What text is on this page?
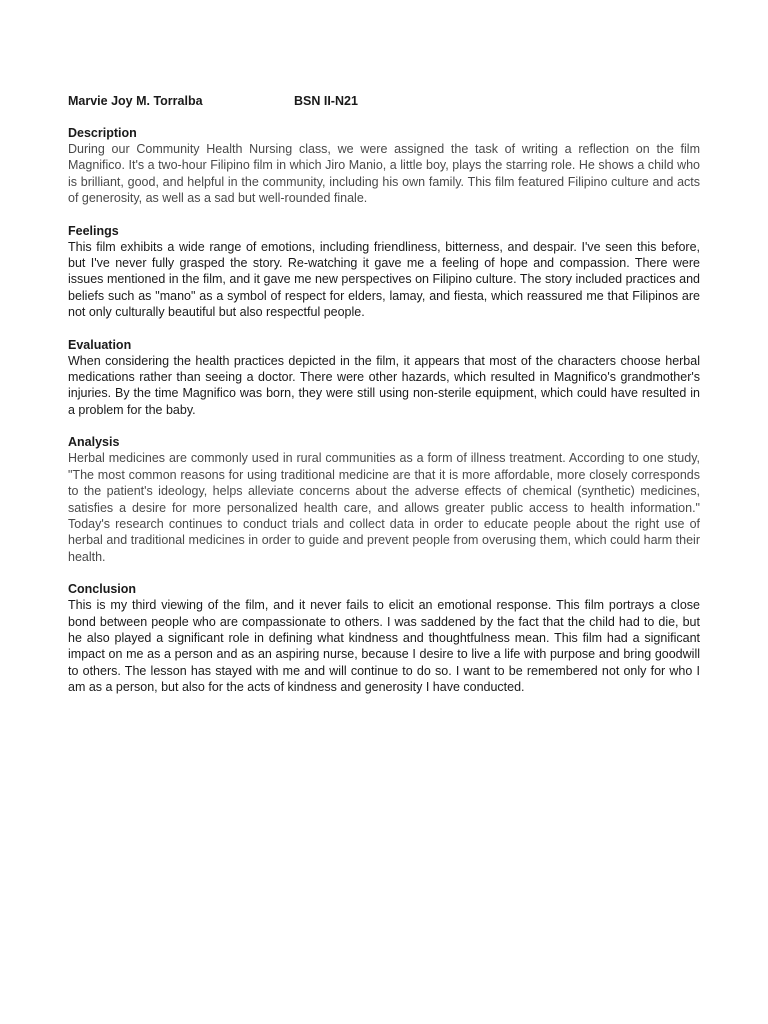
Marvie Joy M. Torralba	BSN II-N21
Description

During our Community Health Nursing class, we were assigned the task of writing a reflection on the film Magnifico. It's a two-hour Filipino film in which Jiro Manio, a little boy, plays the starring role. He shows a child who is brilliant, good, and helpful in the community, including his own family. This film featured Filipino culture and acts of generosity, as well as a sad but well-rounded finale.

Feelings

This film exhibits a wide range of emotions, including friendliness, bitterness, and despair. I've seen this before, but I've never fully grasped the story. Re-watching it gave me a feeling of hope and compassion. There were issues mentioned in the film, and it gave me new perspectives on Filipino culture. The story included practices and beliefs such as "mano" as a symbol of respect for elders, lamay, and fiesta, which reassured me that Filipinos are not only culturally beautiful but also respectful people.

Evaluation

When considering the health practices depicted in the film, it appears that most of the characters choose herbal medications rather than seeing a doctor. There were other hazards, which resulted in Magnifico's grandmother's injuries. By the time Magnifico was born, they were still using non-sterile equipment, which could have resulted in a problem for the baby.

Analysis

Herbal medicines are commonly used in rural communities as a form of illness treatment. According to one study, "The most common reasons for using traditional medicine are that it is more affordable, more closely corresponds to the patient's ideology, helps alleviate concerns about the adverse effects of chemical (synthetic) medicines, satisfies a desire for more personalized health care, and allows greater public access to health information." Today's research continues to conduct trials and collect data in order to educate people about the right use of herbal and traditional medicines in order to guide and prevent people from overusing them, which could harm their health.

Conclusion

This is my third viewing of the film, and it never fails to elicit an emotional response. This film portrays a close bond between people who are compassionate to others. I was saddened by the fact that the child had to die, but he also played a significant role in defining what kindness and thoughtfulness mean. This film had a significant impact on me as a person and as an aspiring nurse, because I desire to live a life with purpose and bring goodwill to others. The lesson has stayed with me and will continue to do so. I want to be remembered not only for who I am as a person, but also for the acts of kindness and generosity I have conducted.
